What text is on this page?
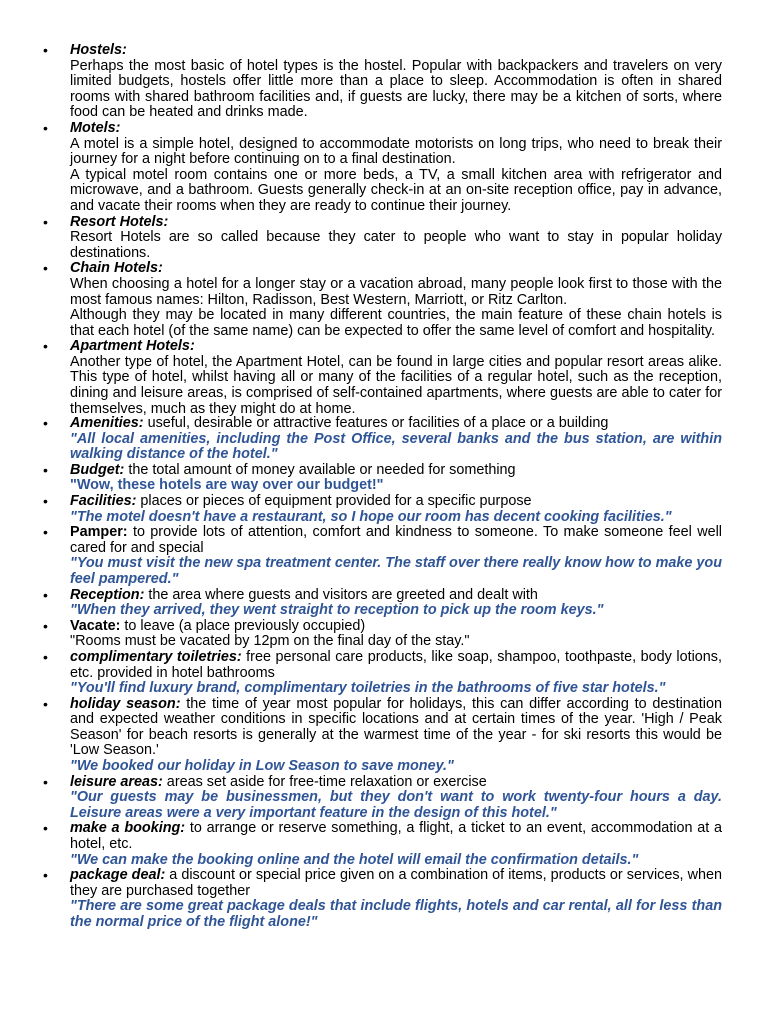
• Hostels:
Perhaps the most basic of hotel types is the hostel. Popular with backpackers and travelers on very limited budgets, hostels offer little more than a place to sleep. Accommodation is often in shared rooms with shared bathroom facilities and, if guests are lucky, there may be a kitchen of sorts, where food can be heated and drinks made.
• Motels:
A motel is a simple hotel, designed to accommodate motorists on long trips, who need to break their journey for a night before continuing on to a final destination.
A typical motel room contains one or more beds, a TV, a small kitchen area with refrigerator and microwave, and a bathroom. Guests generally check-in at an on-site reception office, pay in advance, and vacate their rooms when they are ready to continue their journey.
• Resort Hotels:
Resort Hotels are so called because they cater to people who want to stay in popular holiday destinations.
• Chain Hotels:
When choosing a hotel for a longer stay or a vacation abroad, many people look first to those with the most famous names: Hilton, Radisson, Best Western, Marriott, or Ritz Carlton.
Although they may be located in many different countries, the main feature of these chain hotels is that each hotel (of the same name) can be expected to offer the same level of comfort and hospitality.
• Apartment Hotels:
Another type of hotel, the Apartment Hotel, can be found in large cities and popular resort areas alike. This type of hotel, whilst having all or many of the facilities of a regular hotel, such as the reception, dining and leisure areas, is comprised of self-contained apartments, where guests are able to cater for themselves, much as they might do at home.
• Amenities: useful, desirable or attractive features or facilities of a place or a building
"All local amenities, including the Post Office, several banks and the bus station, are within walking distance of the hotel."
• Budget: the total amount of money available or needed for something
"Wow, these hotels are way over our budget!"
• Facilities: places or pieces of equipment provided for a specific purpose
"The motel doesn't have a restaurant, so I hope our room has decent cooking facilities."
• Pamper: to provide lots of attention, comfort and kindness to someone. To make someone feel well cared for and special
"You must visit the new spa treatment center. The staff over there really know how to make you feel pampered."
• Reception: the area where guests and visitors are greeted and dealt with
"When they arrived, they went straight to reception to pick up the room keys."
• Vacate: to leave (a place previously occupied)
"Rooms must be vacated by 12pm on the final day of the stay."
• complimentary toiletries: free personal care products, like soap, shampoo, toothpaste, body lotions, etc. provided in hotel bathrooms
"You'll find luxury brand, complimentary toiletries in the bathrooms of five star hotels."
• holiday season: the time of year most popular for holidays, this can differ according to destination and expected weather conditions in specific locations and at certain times of the year. 'High / Peak Season' for beach resorts is generally at the warmest time of the year - for ski resorts this would be 'Low Season.'
"We booked our holiday in Low Season to save money."
• leisure areas: areas set aside for free-time relaxation or exercise
"Our guests may be businessmen, but they don't want to work twenty-four hours a day. Leisure areas were a very important feature in the design of this hotel."
• make a booking: to arrange or reserve something, a flight, a ticket to an event, accommodation at a hotel, etc.
"We can make the booking online and the hotel will email the confirmation details."
• package deal: a discount or special price given on a combination of items, products or services, when they are purchased together
"There are some great package deals that include flights, hotels and car rental, all for less than the normal price of the flight alone!"
